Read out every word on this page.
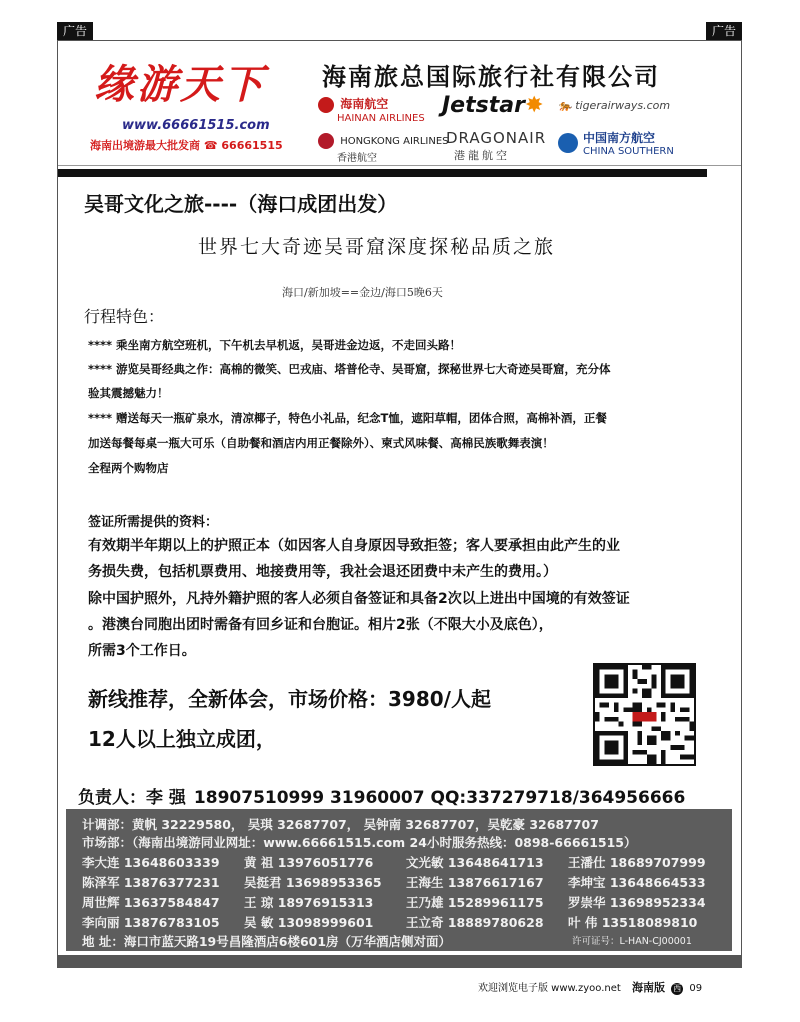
广告	广告
缘游天下
www.66661515.com
海南出境游最大批发商 ☎ 66661515
海南旅总国际旅行社有限公司
海南航空
HAINAN AIRLINES
HONGKONG AIRLINES
香港航空
Jetstar✸ 🐅 tigerairways.com
DRAGONAIR
港龍航空
中国南方航空
CHINA SOUTHERN
吴哥文化之旅----（海口成团出发）
世界七大奇迹吴哥窟深度探秘品质之旅
海口/新加坡==金边/海口5晚6天
行程特色：
**** 乘坐南方航空班机，下午机去早机返，吴哥进金边返，不走回头路！
**** 游览吴哥经典之作：高棉的微笑、巴戎庙、塔普伦寺、吴哥窟，探秘世界七大奇迹吴哥窟，充分体
验其震撼魅力！
**** 赠送每天一瓶矿泉水，清凉椰子，特色小礼品，纪念T恤，遮阳草帽，团体合照，高棉补酒，正餐
加送每餐每桌一瓶大可乐（自助餐和酒店内用正餐除外）、柬式风味餐、高棉民族歌舞表演！
全程两个购物店
签证所需提供的资料：
有效期半年期以上的护照正本（如因客人自身原因导致拒签；客人要承担由此产生的业
务损失费，包括机票费用、地接费用等，我社会退还团费中未产生的费用。）
除中国护照外，凡持外籍护照的客人必须自备签证和具备2次以上进出中国境的有效签证
。港澳台同胞出团时需备有回乡证和台胞证。相片2张（不限大小及底色），
所需3个工作日。
新线推荐，全新体会，市场价格：3980/人起
12人以上独立成团，
负责人：李 强 18907510999 31960007 QQ:337279718/364956666
计调部：黄帆 32229580， 吴琪 32687707， 吴钟南 32687707，吴乾豪 32687707
市场部：（海南出境游同业网址：www.66661515.com 24小时服务热线：0898-66661515）
李大连 13648603339 黄 祖 13976051776	文光敏 13648641713 王潘仕 18689707999
陈泽军 13876377231 吴挺君 13698953365 王海生 13876617167 李坤宝 13648664533
周世辉 13637584847 王 琼 18976915313	王乃雄 15289961175 罗崇华 13698952334
李向丽 13876783105 吴 敏 13098999601	王立奇 18889780628 叶 伟 13518089810
地 址：海口市蓝天路19号昌隆酒店6楼601房（万华酒店侧对面）	许可证号：L-HAN-CJ00001
欢迎浏览电子版 www.zyoo.net 海南版 西 09
